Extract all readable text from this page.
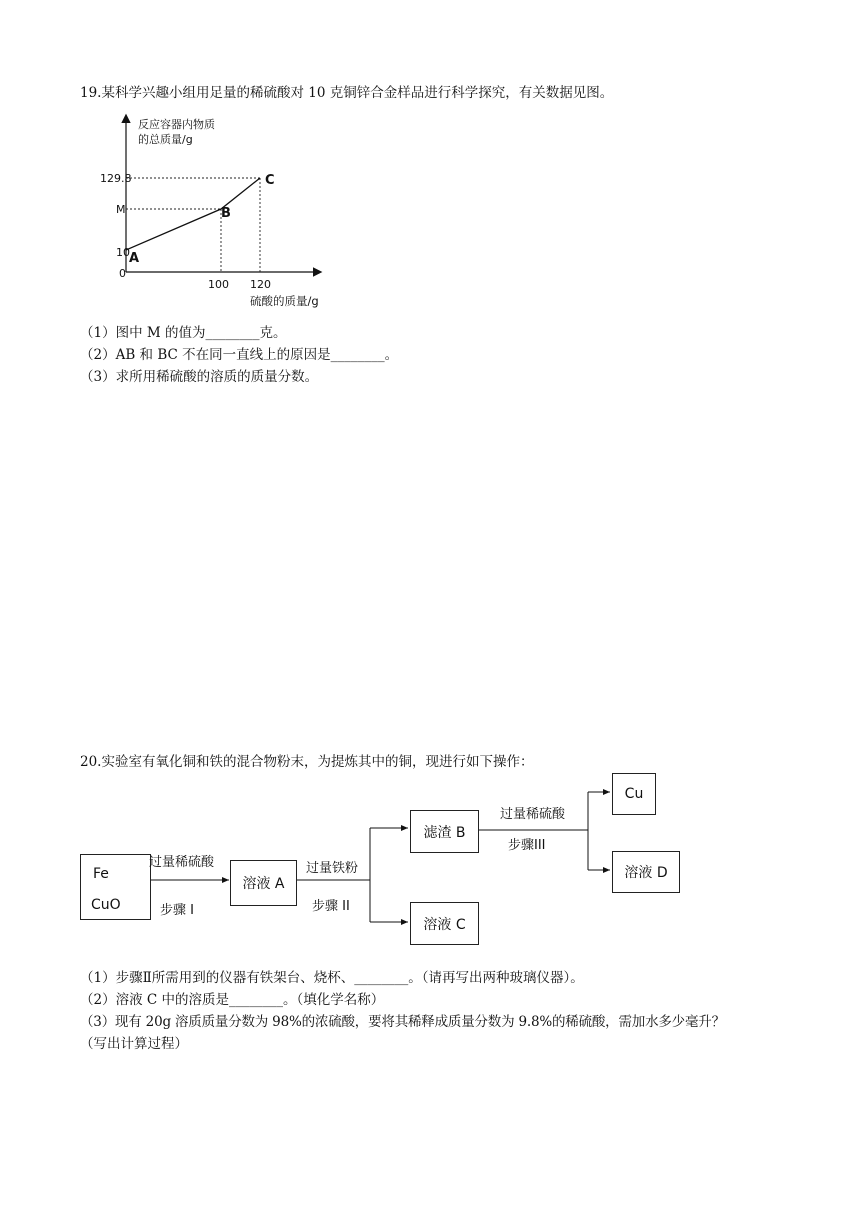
19.某科学兴趣小组用足量的稀硫酸对 10 克铜锌合金样品进行科学探究，有关数据见图。
反应容器内物质
的总质量/g
硫酸的质量/g
129.8
M
10
0
100 120
A
B
C
（1）图中 M 的值为________克。
（2）AB 和 BC 不在同一直线上的原因是________。
（3）求所用稀硫酸的溶质的质量分数。
20.实验室有氧化铜和铁的混合物粉末，为提炼其中的铜，现进行如下操作：
Fe
CuO
溶液 A
滤渣 B
溶液 C
Cu
溶液 D
过量稀硫酸
步骤 I
过量铁粉
步骤 II
过量稀硫酸
步骤III
（1）步骤Ⅱ所需用到的仪器有铁架台、烧杯、________。（请再写出两种玻璃仪器）。
（2）溶液 C 中的溶质是________。（填化学名称）
（3）现有 20g 溶质质量分数为 98%的浓硫酸，要将其稀释成质量分数为 9.8%的稀硫酸，需加水多少毫升？
（写出计算过程）
